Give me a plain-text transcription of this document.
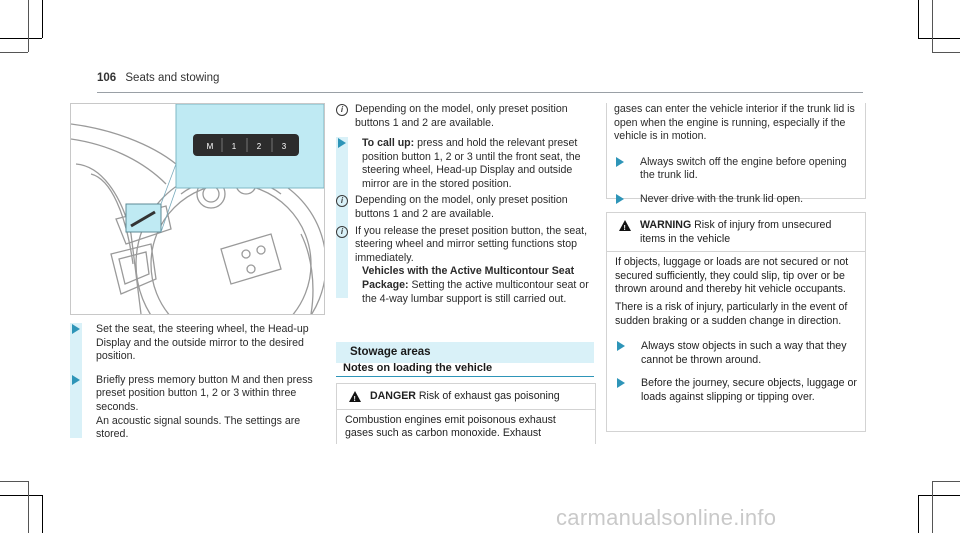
106 Seats and stowing
M 1	2	3

Set the seat, the steering wheel, the Head-up Display and the outside mirror to the desired position.

Briefly press memory button M and then press preset position button 1, 2 or 3 within three seconds.

An acoustic signal sounds. The settings are stored.

i	Depending on the model, only preset position buttons 1 and 2 are available.

To call up: press and hold the relevant preset position button 1, 2 or 3 until the front seat, the steering wheel, Head-up Display and outside mirror are in the stored position.

i	Depending on the model, only preset position buttons 1 and 2 are available.

i	If you release the preset position button, the seat, steering wheel and mirror setting functions stop immediately.

Vehicles with the Active Multicontour Seat Package: Setting the active multicontour seat or the 4-way lumbar support is still carried out.

Stowage areas
Notes on loading the vehicle
!
DANGER Risk of exhaust gas poisoning
Combustion engines emit poisonous exhaust gases such as carbon monoxide. Exhaust

gases can enter the vehicle interior if the trunk lid is open when the engine is running, especially if the vehicle is in motion.

Always switch off the engine before opening the trunk lid.

Never drive with the trunk lid open.

!
WARNING Risk of injury from unsecured items in the vehicle

If objects, luggage or loads are not secured or not secured sufficiently, they could slip, tip over or be thrown around and thereby hit vehicle occupants.

There is a risk of injury, particularly in the event of sudden braking or a sudden change in direction.

Always stow objects in such a way that they cannot be thrown around.

Before the journey, secure objects, luggage or loads against slipping or tipping over.

carmanualsonline.info
